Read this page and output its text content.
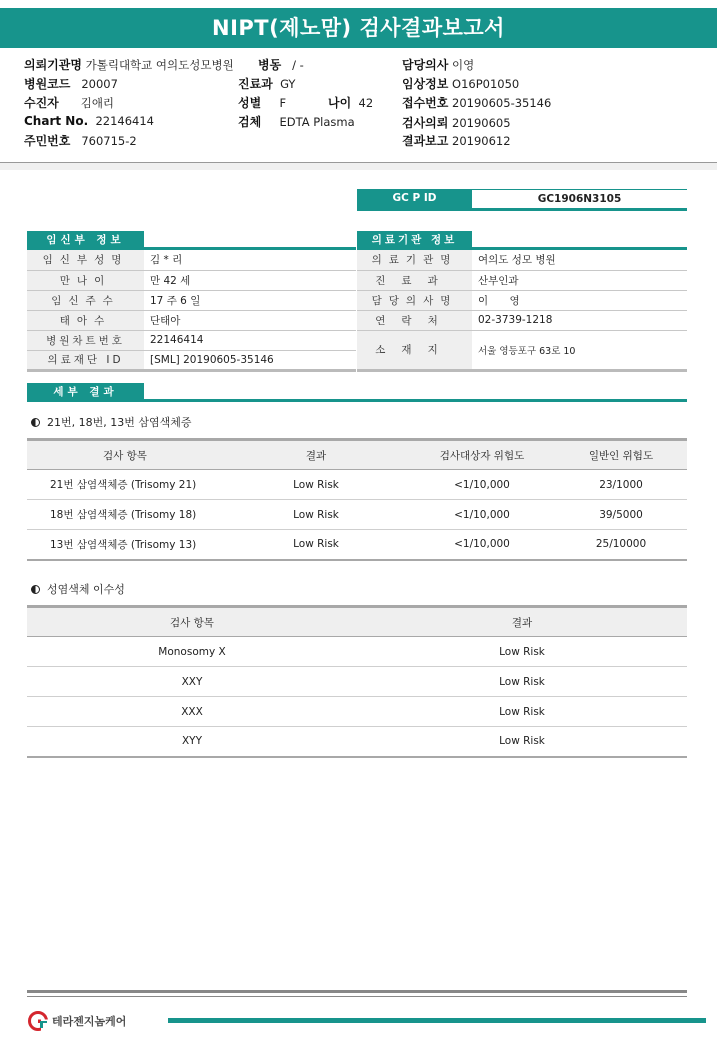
NIPT(제노맘) 검사결과보고서
의뢰기관명 가톨릭대학교 여의도성모병원
병원코드 20007
수진자 김애리
Chart No. 22146414
주민번호 760715-2
병동 / -
진료과 GY
성별 F	나이 42
검체 EDTA Plasma
담당의사 이영
임상정보 O16P01050
접수번호 20190605-35146
검사의뢰 20190605
결과보고 20190612
GC P ID	GC1906N3105
임신부 정보
임신부성명	김 * 리
만나이	만 42 세
임신주수	17 주 6 일
태아수	단태아
병원차트번호	22146414
의료재단 ID	[SML] 20190605-35146
의료기관 정보
의료기관명	여의도 성모 병원
진료과	산부인과
담당의사명	이 영
연락처	02-3739-1218
소재지	서울 영등포구 63로 10
세부 결과
21번, 18번, 13번 삼염색체증
검사 항목	결과	검사대상자 위험도	일반인 위험도
21번 삼염색체증 (Trisomy 21)	Low Risk	<1/10,000	23/1000
18번 삼염색체증 (Trisomy 18)	Low Risk	<1/10,000	39/5000
13번 삼염색체증 (Trisomy 13)	Low Risk	<1/10,000	25/10000
성염색체 이수성
검사 항목	결과
Monosomy X	Low Risk
XXY	Low Risk
XXX	Low Risk
XYY	Low Risk
테라젠지놈케어
